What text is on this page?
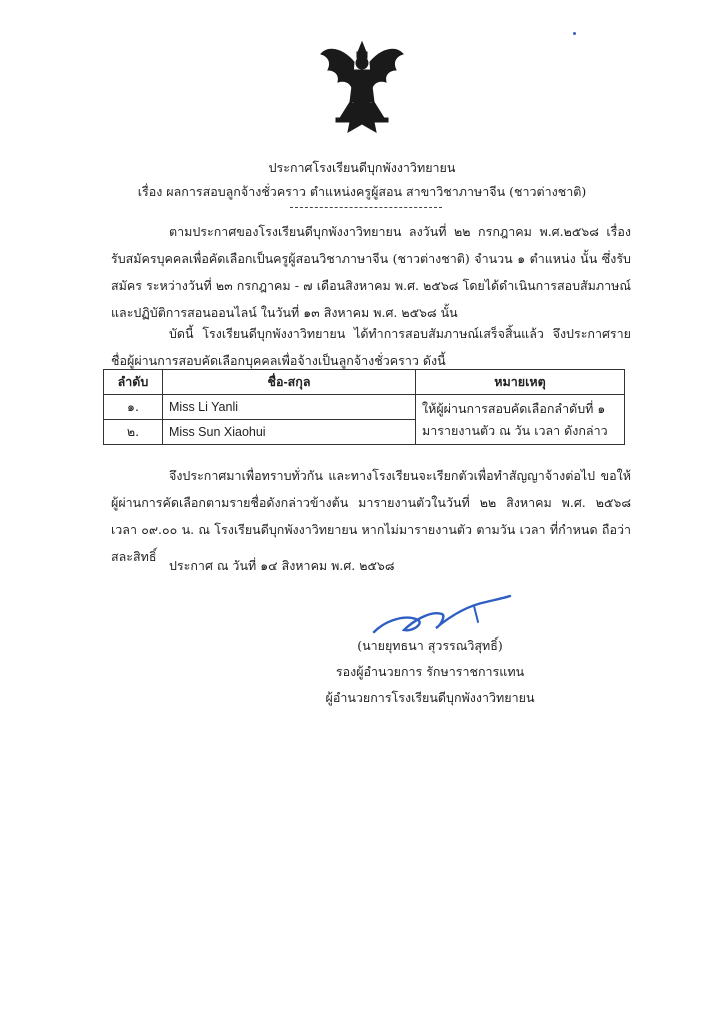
ประกาศโรงเรียนดีบุกพังงาวิทยายน
เรื่อง ผลการสอบลูกจ้างชั่วคราว ตำแหน่งครูผู้สอน สาขาวิชาภาษาจีน (ชาวต่างชาติ)
ตามประกาศของโรงเรียนดีบุกพังงาวิทยายน ลงวันที่ ๒๒ กรกฎาคม พ.ศ.๒๕๖๘ เรื่อง รับสมัครบุคคลเพื่อคัดเลือกเป็นครูผู้สอนวิชาภาษาจีน (ชาวต่างชาติ) จำนวน ๑ ตำแหน่ง นั้น ซึ่งรับสมัคร ระหว่างวันที่ ๒๓ กรกฎาคม - ๗ เดือนสิงหาคม พ.ศ. ๒๕๖๘ โดยได้ดำเนินการสอบสัมภาษณ์และปฏิบัติการสอนออนไลน์ ในวันที่ ๑๓ สิงหาคม พ.ศ. ๒๕๖๘ นั้น
บัดนี้ โรงเรียนดีบุกพังงาวิทยายน ได้ทำการสอบสัมภาษณ์เสร็จสิ้นแล้ว จึงประกาศรายชื่อผู้ผ่านการสอบคัดเลือกบุคคลเพื่อจ้างเป็นลูกจ้างชั่วคราว ดังนี้
ลำดับ	ชื่อ-สกุล	หมายเหตุ
๑.	Miss Li Yanli	ให้ผู้ผ่านการสอบคัดเลือกลำดับที่ ๑ มารายงานตัว ณ วัน เวลา ดังกล่าว
๒.	Miss Sun Xiaohui	
จึงประกาศมาเพื่อทราบทั่วกัน และทางโรงเรียนจะเรียกตัวเพื่อทำสัญญาจ้างต่อไป ขอให้ผู้ผ่านการคัดเลือกตามรายชื่อดังกล่าวข้างต้น มารายงานตัวในวันที่ ๒๒ สิงหาคม พ.ศ. ๒๕๖๘ เวลา ๐๙.๐๐ น. ณ โรงเรียนดีบุกพังงาวิทยายน หากไม่มารายงานตัว ตามวัน เวลา ที่กำหนด ถือว่าสละสิทธิ์
ประกาศ ณ วันที่ ๑๔ สิงหาคม พ.ศ. ๒๕๖๘
(นายยุทธนา สุวรรณวิสุทธิ์)
รองผู้อำนวยการ รักษาราชการแทน
ผู้อำนวยการโรงเรียนดีบุกพังงาวิทยายน
